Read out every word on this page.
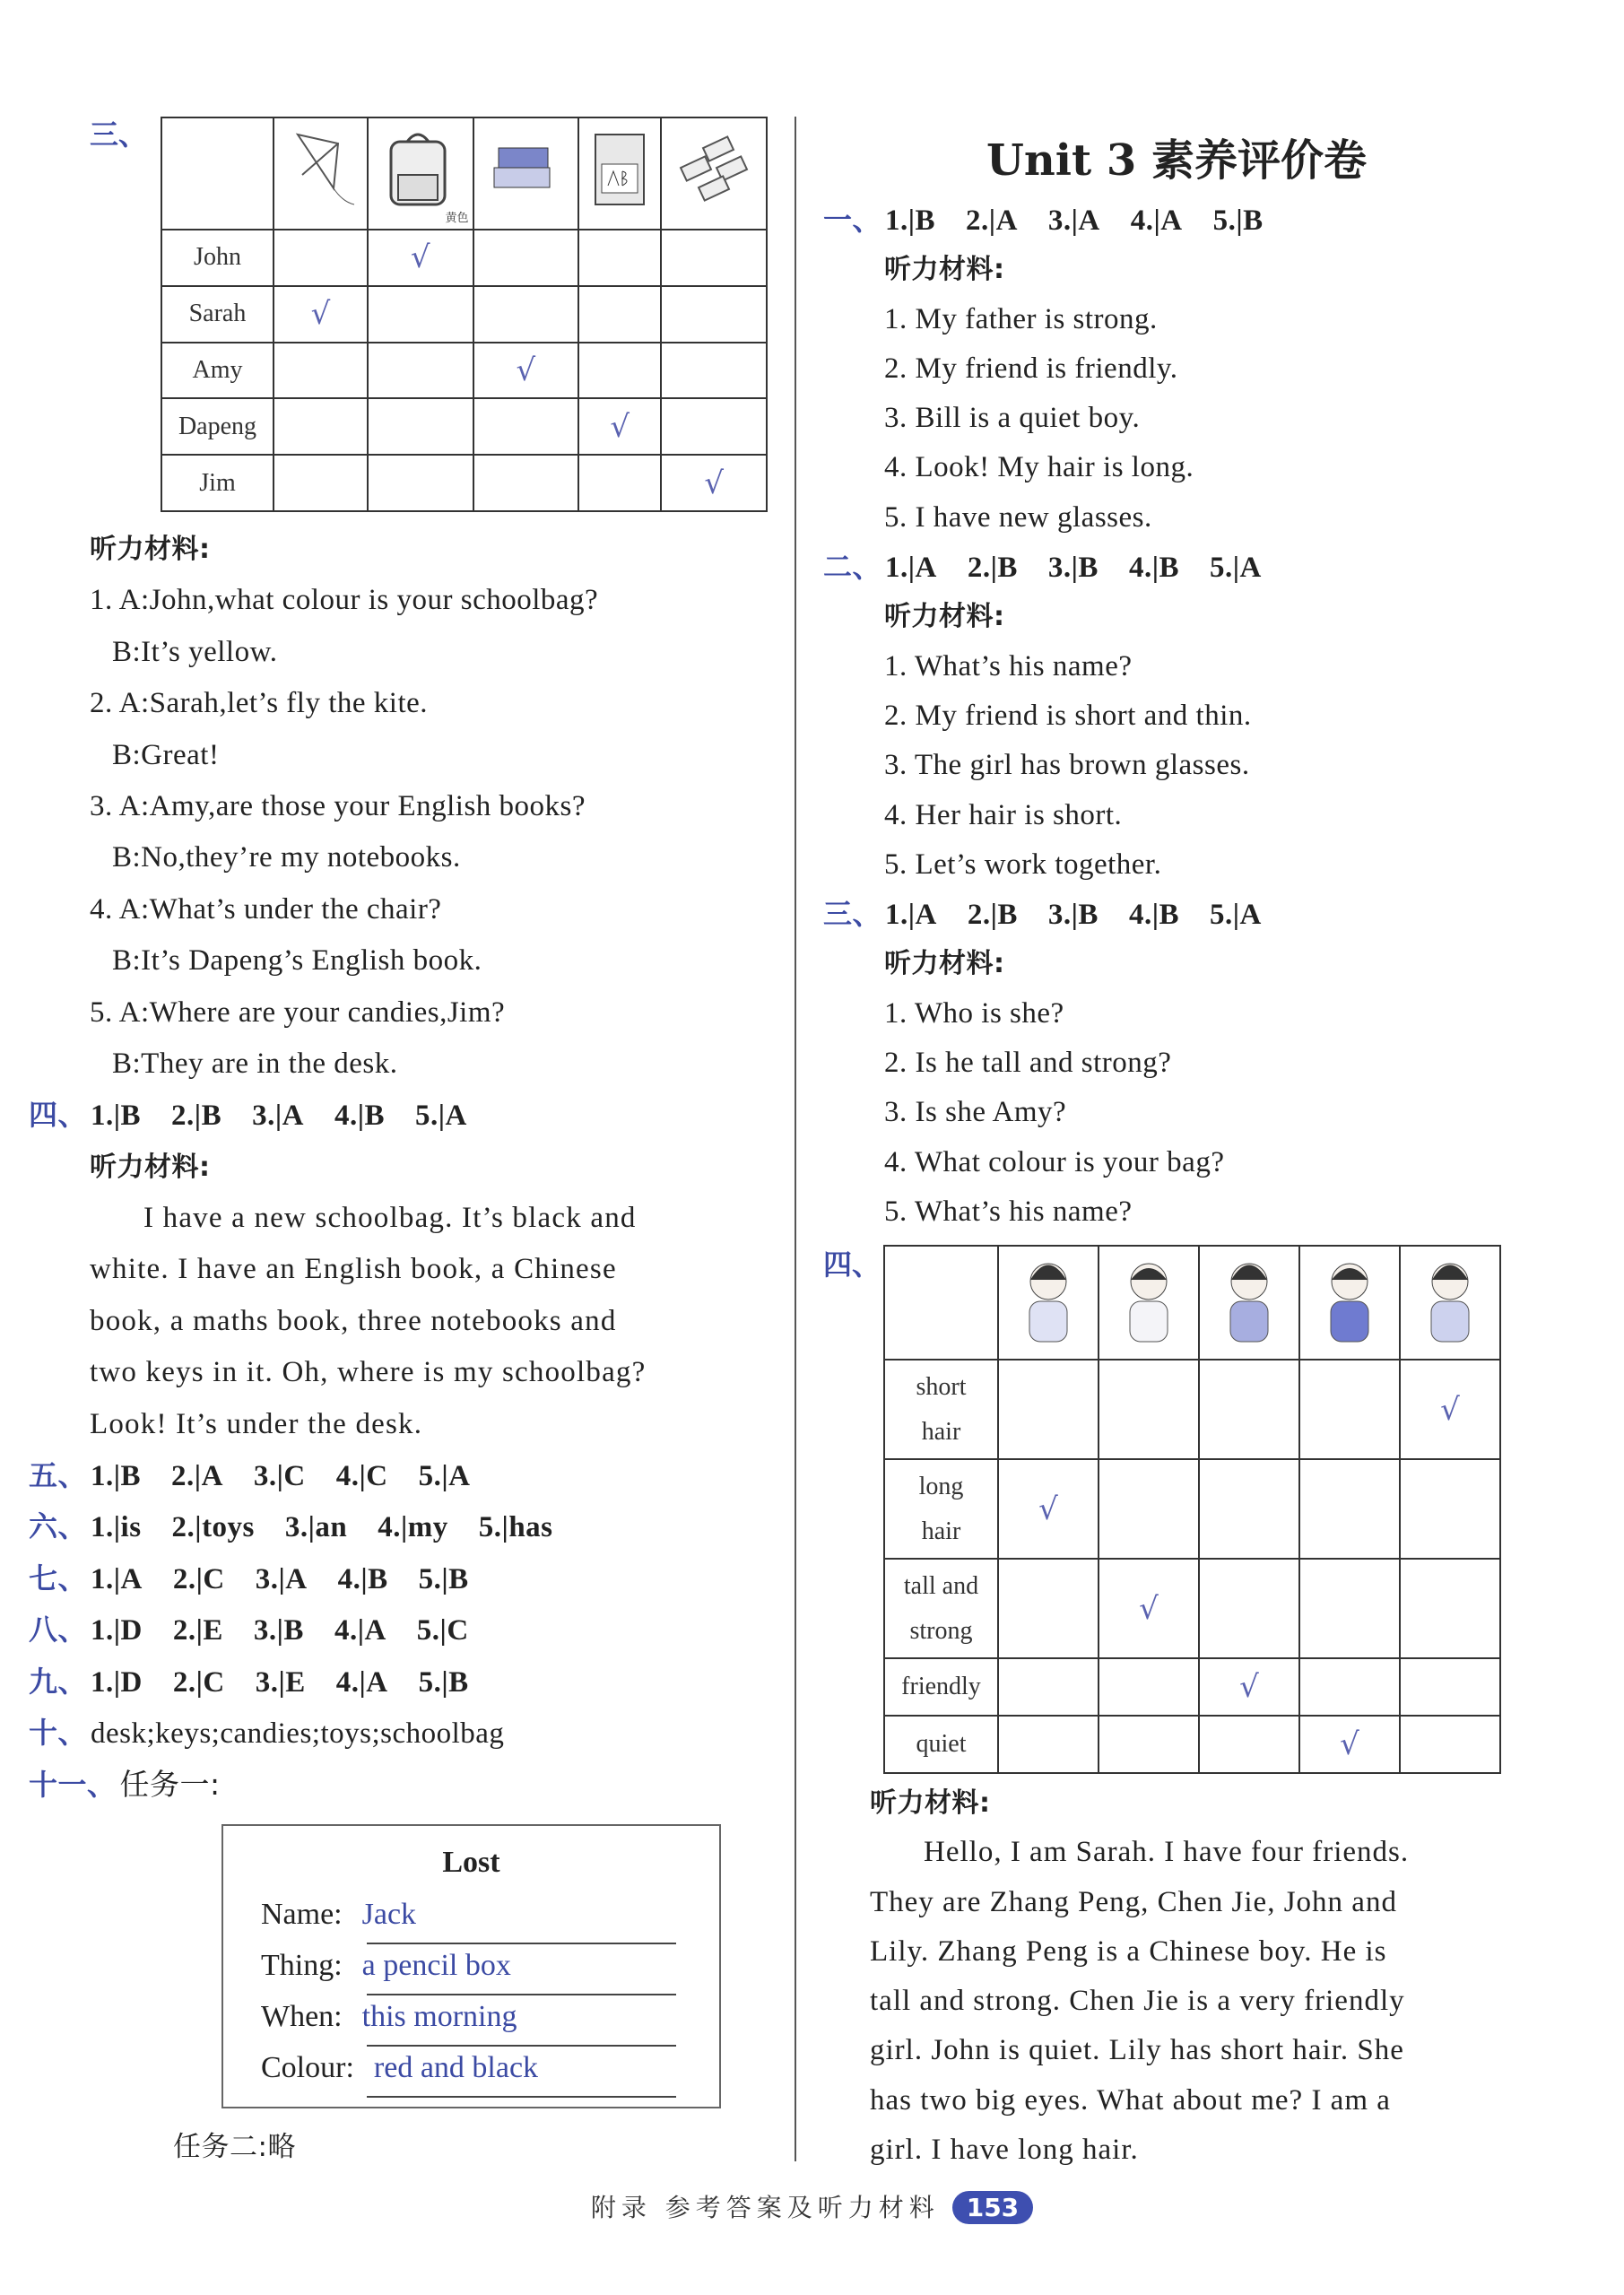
三、

黄色

John		√			
Sarah	√				
Amy			√		
Dapeng				√	
Jim					√
听力材料:
1. A:John,what colour is your schoolbag?
B:It’s yellow.
2. A:Sarah,let’s fly the kite.
B:Great!
3. A:Amy,are those your English books?
B:No,they’re my notebooks.
4. A:What’s under the chair?
B:It’s Dapeng’s English book.
5. A:Where are your candies,Jim?
B:They are in the desk.
四、 1.|B 2.|B 3.|A 4.|B 5.|A
听力材料:
I have a new schoolbag. It’s black and
white. I have an English book, a Chinese
book, a maths book, three notebooks and
two keys in it. Oh, where is my schoolbag?
Look! It’s under the desk.
五、 1.|B 2.|A 3.|C 4.|C 5.|A
六、 1.|is 2.|toys 3.|an 4.|my 5.|has
七、 1.|A 2.|C 3.|A 4.|B 5.|B
八、 1.|D 2.|E 3.|B 4.|A 5.|C
九、 1.|D 2.|C 3.|E 4.|A 5.|B
十、 desk;keys;candies;toys;schoolbag
十一、 任务一:
Lost
Name: Jack
Thing: a pencil box
When: this morning
Colour: red and black
任务二:略
Unit 3 素养评价卷
一、 1.|B 2.|A 3.|A 4.|A 5.|B
听力材料:
1. My father is strong.
2. My friend is friendly.
3. Bill is a quiet boy.
4. Look! My hair is long.
5. I have new glasses.
二、 1.|A 2.|B 3.|B 4.|B 5.|A
听力材料:
1. What’s his name?
2. My friend is short and thin.
3. The girl has brown glasses.
4. Her hair is short.
5. Let’s work together.
三、 1.|A 2.|B 3.|B 4.|B 5.|A
听力材料:
1. Who is she?
2. Is he tall and strong?
3. Is she Amy?
4. What colour is your bag?
5. What’s his name?
四、

short
hair					√
long
hair	√				
tall and
strong		√			
friendly			√		
quiet				√	
听力材料:
Hello, I am Sarah. I have four friends.
They are Zhang Peng, Chen Jie, John and
Lily. Zhang Peng is a Chinese boy. He is
tall and strong. Chen Jie is a very friendly
girl. John is quiet. Lily has short hair. She
has two big eyes. What about me? I am a
girl. I have long hair.
附录 参考答案及听力材料 153
